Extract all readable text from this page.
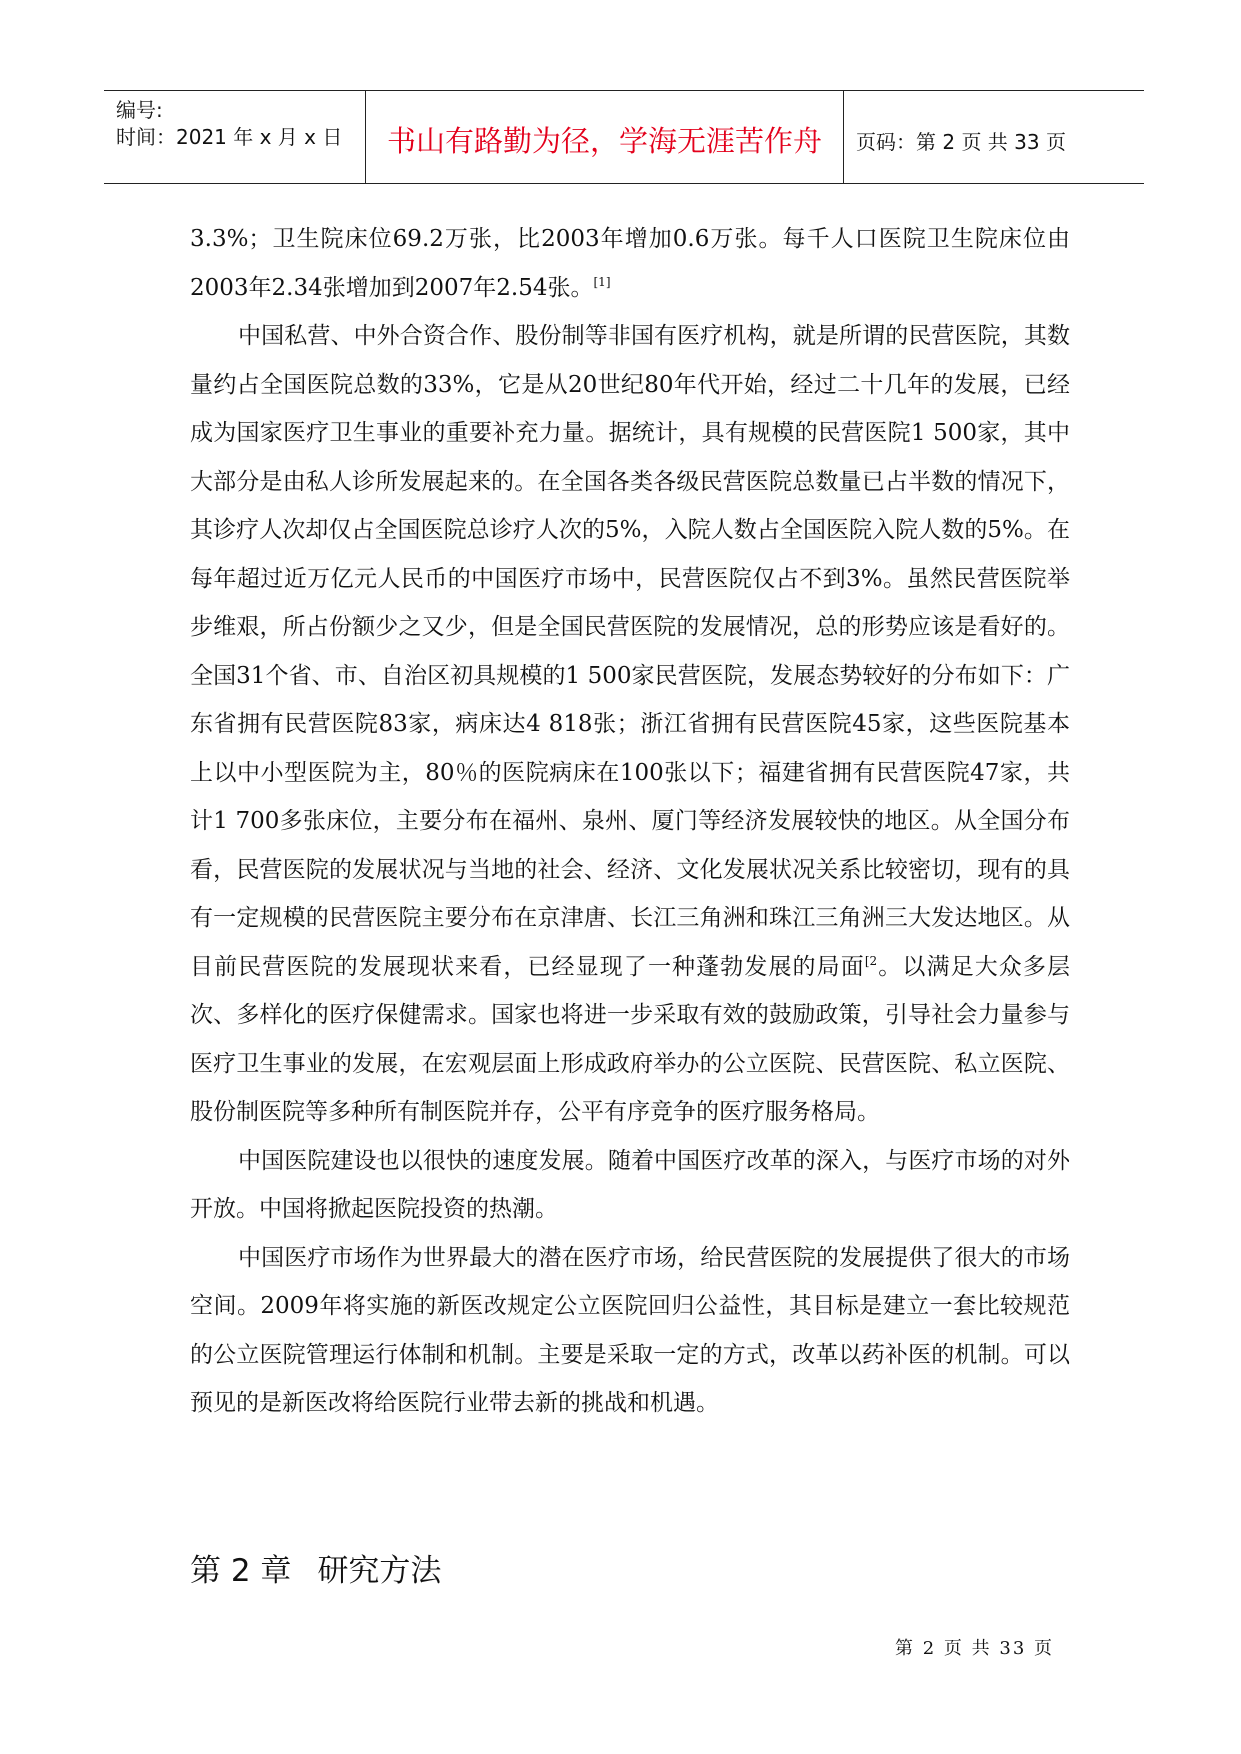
编号:
时间：2021 年 x 月 x 日	书山有路勤为径，学海无涯苦作舟	页码：第 2 页 共 33 页

3.3%；卫生院床位69.2万张，比2003年增加0.6万张。每千人口医院卫生院床位由2003年2.34张增加到2007年2.54张。[1]

中国私营、中外合资合作、股份制等非国有医疗机构，就是所谓的民营医院，其数量约占全国医院总数的33%，它是从20世纪80年代开始，经过二十几年的发展，已经成为国家医疗卫生事业的重要补充力量。据统计，具有规模的民营医院1 500家，其中大部分是由私人诊所发展起来的。在全国各类各级民营医院总数量已占半数的情况下，其诊疗人次却仅占全国医院总诊疗人次的5%，入院人数占全国医院入院人数的5%。在每年超过近万亿元人民币的中国医疗市场中，民营医院仅占不到3%。虽然民营医院举步维艰，所占份额少之又少，但是全国民营医院的发展情况，总的形势应该是看好的。全国31个省、市、自治区初具规模的1 500家民营医院，发展态势较好的分布如下：广东省拥有民营医院83家，病床达4 818张；浙江省拥有民营医院45家，这些医院基本上以中小型医院为主，80％的医院病床在100张以下；福建省拥有民营医院47家，共计1 700多张床位，主要分布在福州、泉州、厦门等经济发展较快的地区。从全国分布看，民营医院的发展状况与当地的社会、经济、文化发展状况关系比较密切，现有的具有一定规模的民营医院主要分布在京津唐、长江三角洲和珠江三角洲三大发达地区。从目前民营医院的发展现状来看，已经显现了一种蓬勃发展的局面$^{[2}$。以满足大众多层次、多样化的医疗保健需求。国家也将进一步采取有效的鼓励政策，引导社会力量参与医疗卫生事业的发展，在宏观层面上形成政府举办的公立医院、民营医院、私立医院、股份制医院等多种所有制医院并存，公平有序竞争的医疗服务格局。

中国医院建设也以很快的速度发展。随着中国医疗改革的深入，与医疗市场的对外开放。中国将掀起医院投资的热潮。

中国医疗市场作为世界最大的潜在医疗市场，给民营医院的发展提供了很大的市场空间。2009年将实施的新医改规定公立医院回归公益性，其目标是建立一套比较规范的公立医院管理运行体制和机制。主要是采取一定的方式，改革以药补医的机制。可以预见的是新医改将给医院行业带去新的挑战和机遇。

第 2 章 研究方法
第 2 页 共 33 页
